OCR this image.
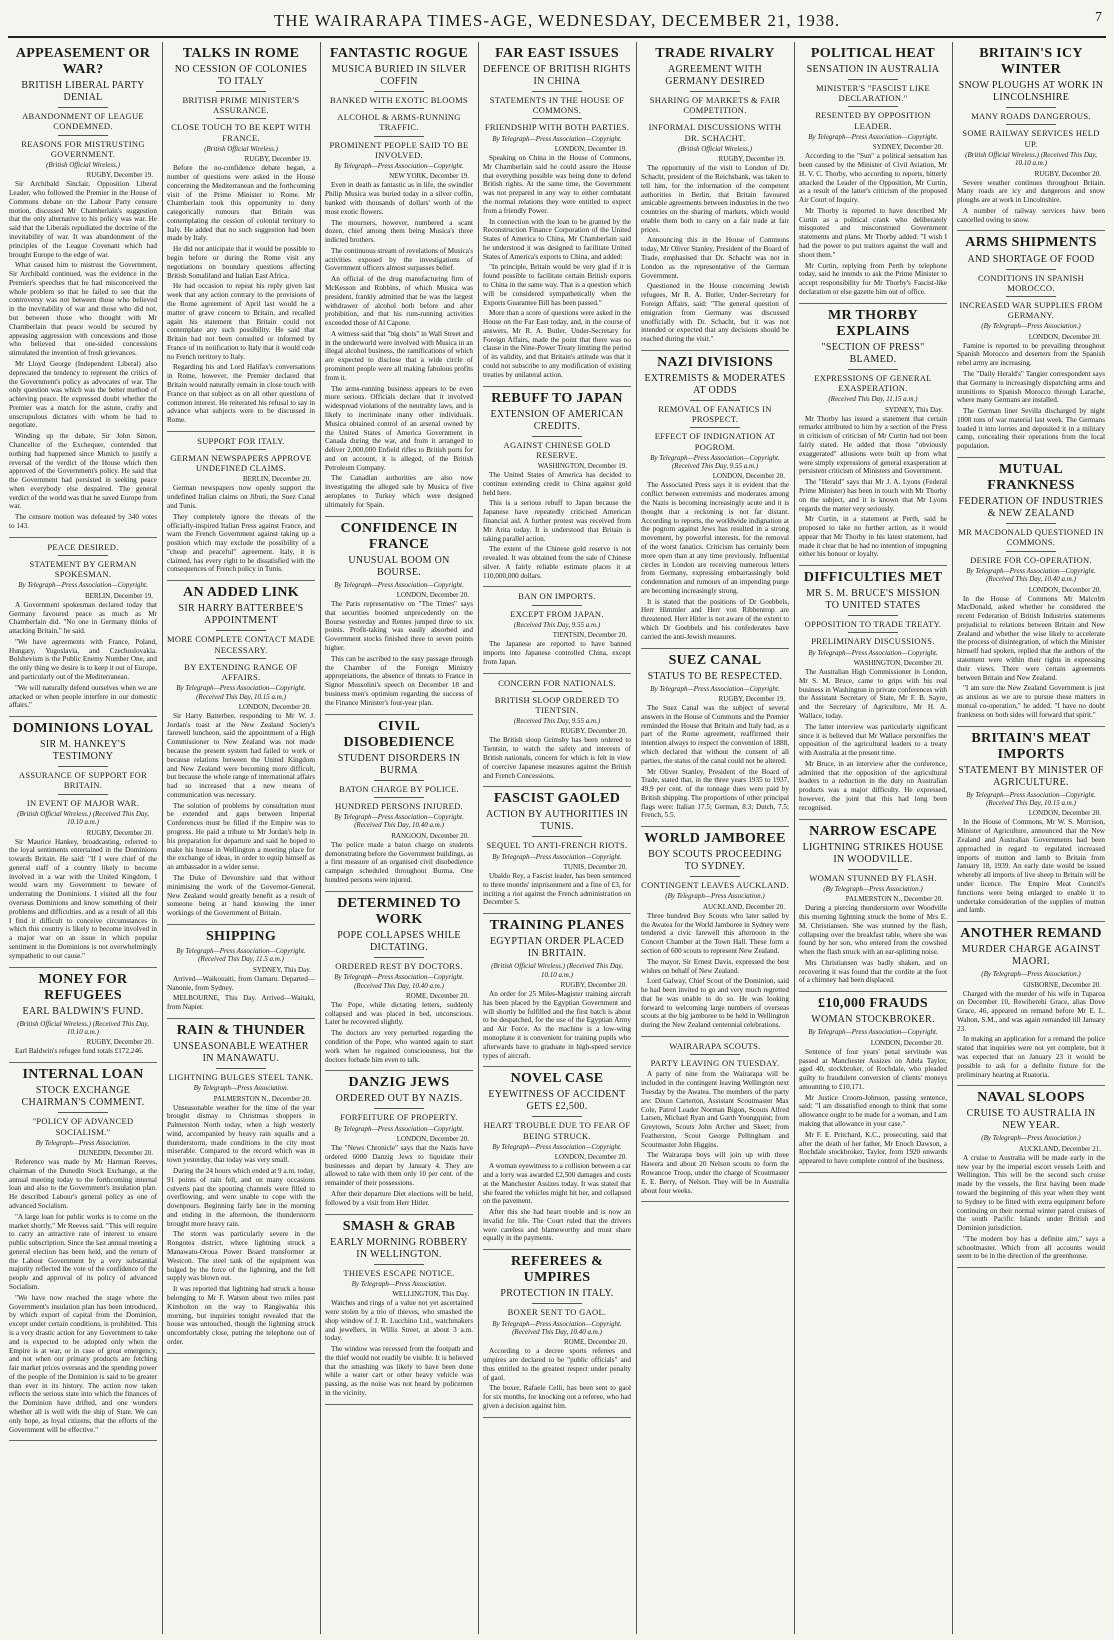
THE WAIRARAPA TIMES-AGE, WEDNESDAY, DECEMBER 21, 1938.	7
APPEASEMENT OR WAR?
BRITISH LIBERAL PARTY DENIAL
ABANDONMENT OF LEAGUE CONDEMNED.
REASONS FOR MISTRUSTING GOVERNMENT.
(British Official Wireless.)
RUGBY, December 19.

Sir Archibald Sinclair, Opposition Liberal Leader, who followed the Premier in the House of Commons debate on the Labour Party censure motion, discussed Mr Chamberlain's suggestion that the only alternative to his policy was war. He said that the Liberals repudiated the doctrine of the inevitability of war. It was abandonment of the principles of the League Covenant which had brought Europe to the edge of war.

What caused him to mistrust the Government, Sir Archibald continued, was the evidence in the Premier's speeches that he had misconceived the whole problem so that he failed to see that the controversy was not between those who believed in the inevitability of war and those who did not, but between those who thought with Mr Chamberlain that peace would be secured by appeasing aggression with concessions and those who believed that one-sided concessions stimulated the invention of fresh grievances.

Mr Lloyd George (Independent Liberal) also deprecated the tendency to represent the critics of the Government's policy as advocates of war. The only question was which was the better method of achieving peace. He expressed doubt whether the Premier was a match for the astute, crafty and unscrupulous dictators with whom he had to negotiate.

Winding up the debate, Sir John Simon, Chancellor of the Exchequer, contended that nothing had happened since Munich to justify a reversal of the verdict of the House which then approved of the Government's policy. He said that the Government had persisted in seeking peace when everybody else despaired. The general verdict of the world was that he saved Europe from war.

The censure motion was defeated by 340 votes to 143.

PEACE DESIRED.
STATEMENT BY GERMAN SPOKESMAN.
By Telegraph—Press Association—Copyright.
BERLIN, December 19.

A Government spokesman declared today that Germany favoured peace as much as Mr Chamberlain did. "No one in Germany thinks of attacking Britain," he said.

"We have agreements with France, Poland, Hungary, Yugoslavia, and Czechoslovakia. Bolshevism is the Public Enemy Number One, and the only thing we desire is to keep it out of Europe, and particularly out of the Mediterranean.

"We will naturally defend ourselves when we are attacked or when people interfere in our domestic affairs."

DOMINIONS LOYAL
SIR M. HANKEY'S TESTIMONY
ASSURANCE OF SUPPORT FOR BRITAIN.
IN EVENT OF MAJOR WAR.
(British Official Wireless.) (Received This Day, 10.10 a.m.)
RUGBY, December 20.

Sir Maurice Hankey, broadcasting, referred to the loyal sentiments entertained in the Dominions towards Britain. He said: "If I were chief of the general staff of a country likely to become involved in a war with the United Kingdom, I would warn my Government to beware of underrating the Dominions. I visited all the four overseas Dominions and know something of their problems and difficulties, and as a result of all this I find it difficult to conceive circumstances in which this country is likely to become involved in a major war on an issue in which popular sentiment in the Dominions is not overwhelmingly sympathetic to our cause."

MONEY FOR REFUGEES
EARL BALDWIN'S FUND.
(British Official Wireless.) (Received This Day, 10.10 a.m.)
RUGBY, December 20.

Earl Baldwin's refugee fund totals £172,246.

INTERNAL LOAN
STOCK EXCHANGE CHAIRMAN'S COMMENT.
"POLICY OF ADVANCED SOCIALISM."
By Telegraph—Press Association.
DUNEDIN, December 20.

Reference was made by Mr Harman Reeves, chairman of the Dunedin Stock Exchange, at the annual meeting today to the forthcoming internal loan and also to the Government's insulation plan. He described Labour's general policy as one of advanced Socialism.

"A large loan for public works is to come on the market shortly," Mr Reeves said. "This will require to carry an attractive rate of interest to ensure public subscription. Since the last annual meeting a general election has been held, and the return of the Labour Government by a very substantial majority reflected the vote of the confidence of the people and approval of its policy of advanced Socialism.

"We have now reached the stage where the Government's insulation plan has been introduced, by which export of capital from the Dominion, except under certain conditions, is prohibited. This is a very drastic action for any Government to take and is expected to be adopted only when the Empire is at war, or in case of great emergency, and not when our primary products are fetching fair market prices overseas and the spending power of the people of the Dominion is said to be greater than ever in its history. The action now taken reflects the serious state into which the finances of the Dominion have drifted, and one wonders whether all is well with the ship of State. We can only hope, as loyal citizens, that the efforts of the Government will be effective."

TALKS IN ROME
NO CESSION OF COLONIES TO ITALY
BRITISH PRIME MINISTER'S ASSURANCE.
CLOSE TOUCH TO BE KEPT WITH FRANCE.
(British Official Wireless.)
RUGBY, December 19.

Before the no-confidence debate began, a number of questions were asked in the House concerning the Mediterranean and the forthcoming visit of the Prime Minister to Rome. Mr Chamberlain took this opportunity to deny categorically rumours that Britain was contemplating the cession of colonial territory to Italy. He added that no such suggestion had been made by Italy.

He did not anticipate that it would be possible to begin before or during the Rome visit any negotiations on boundary questions affecting British Somaliland and Italian East Africa.

He had occasion to repeat his reply given last week that any action contrary to the provisions of the Rome agreement of April last would be a matter of grave concern to Britain, and recalled again his statement that Britain could not contemplate any such possibility. He said that Britain had not been consulted or informed by France of its notification to Italy that it would cede no French territory to Italy.

Regarding his and Lord Halifax's conversations in Rome, however, the Premier declared that Britain would naturally remain in close touch with France on that subject as on all other questions of common interest. He reiterated his refusal to say in advance what subjects were to be discussed in Rome.

SUPPORT FOR ITALY.
GERMAN NEWSPAPERS APPROVE UNDEFINED CLAIMS.
BERLIN, December 20.

German newspapers now openly support the undefined Italian claims on Jibuti, the Suez Canal and Tunis.

They completely ignore the threats of the officially-inspired Italian Press against France, and warn the French Government against taking up a position which may exclude the possibility of a "cheap and peaceful" agreement. Italy, it is claimed, has every right to be dissatisfied with the consequences of French policy in Tunis.

AN ADDED LINK
SIR HARRY BATTERBEE'S APPOINTMENT
MORE COMPLETE CONTACT MADE NECESSARY.
BY EXTENDING RANGE OF AFFAIRS.
By Telegraph—Press Association—Copyright. (Received This Day, 10.15 a.m.)
LONDON, December 20.

Sir Harry Batterbee, responding to Mr W. J. Jordan's toast at the New Zealand Society's farewell luncheon, said the appointment of a High Commissioner to New Zealand was not made because the present system had failed to work or because relations between the United Kingdom and New Zealand were becoming more difficult, but because the whole range of international affairs had so increased that a new means of communication was necessary.

The solution of problems by consultation must be extended and gaps between Imperial Conferences must be filled if the Empire was to progress. He paid a tribute to Mr Jordan's help in his preparation for departure and said he hoped to make his house in Wellington a meeting place for the exchange of ideas, in order to equip himself as an ambassador in a wider sense.

The Duke of Devonshire said that without minimising the work of the Governor-General, New Zealand would greatly benefit as a result of someone being at hand knowing the inner workings of the Government of Britain.

SHIPPING
By Telegraph—Press Association—Copyright. (Received This Day, 11.5 a.m.)
SYDNEY, This Day.

Arrived—Waikouaiti, from Oamaru. Departed—Nanonie, from Sydney.

MELBOURNE, This Day. Arrived—Waitaki, from Napier.

RAIN & THUNDER
UNSEASONABLE WEATHER IN MANAWATU.
LIGHTNING BULGES STEEL TANK.
By Telegraph—Press Association.
PALMERSTON N., December 20.

Unseasonable weather for the time of the year brought dismay to Christmas shoppers in Palmerston North today, when a high westerly wind, accompanied by heavy rain squalls and a thunderstorm, made conditions in the city most miserable. Compared to the record which was in town yesterday, that today was very small.

During the 24 hours which ended at 9 a.m. today, 91 points of rain fell, and on many occasions culverts past the spouting channels were filled to overflowing, and were unable to cope with the downpours. Beginning fairly late in the morning and ending in the afternoon, the thunderstorm brought more heavy rain.

The storm was particularly severe in the Rongotea district, where lightning struck a Manawatu-Oroua Power Board transformer at Westcott. The steel tank of the equipment was bulged by the force of the lightning, and the fell supply was blown out.

It was reported that lightning had struck a house belonging to Mr F. Watson about two miles past Kimbolton on the way to Rangiwahia this morning, but inquiries tonight revealed that the house was untouched, though the lightning struck uncomfortably close, putting the telephone out of order.

FANTASTIC ROGUE
MUSICA BURIED IN SILVER COFFIN
BANKED WITH EXOTIC BLOOMS
ALCOHOL & ARMS-RUNNING TRAFFIC.
PROMINENT PEOPLE SAID TO BE INVOLVED.
By Telegraph—Press Association—Copyright.
NEW YORK, December 19.

Even in death as fantastic as in life, the swindler Philip Musica was buried today in a silver coffin, banked with thousands of dollars' worth of the most exotic flowers.

The mourners, however, numbered a scant dozen, chief among them being Musica's three indicted brothers.

The continuous stream of revelations of Musica's activities exposed by the investigations of Government officers almost surpasses belief.

An official of the drug manufacturing firm of McKesson and Robbins, of which Musica was president, frankly admitted that he was the largest withdrawer of alcohol both before and after prohibition, and that his rum-running activities exceeded those of Al Capone.

A witness said that "big shots" in Wall Street and in the underworld were involved with Musica in an illegal alcohol business, the ramifications of which are expected to disclose that a wide circle of prominent people were all making fabulous profits from it.

The arms-running business appears to be even more serious. Officials declare that it involved widespread violations of the neutrality laws, and is likely to incriminate many other individuals. Musica obtained control of an arsenal owned by the United States of America Government in Canada during the war, and from it arranged to deliver 2,000,000 Enfield rifles to British ports for and on account, it is alleged, of the British Petroleum Company.

The Canadian authorities are also now investigating the alleged sale by Musica of five aeroplanes to Turkey which were designed ultimately for Spain.

CONFIDENCE IN FRANCE
UNUSUAL BOOM ON BOURSE.
By Telegraph—Press Association—Copyright.
LONDON, December 20.

The Paris representative on "The Times" says that securities boomed unprecedently on the Bourse yesterday and Rentes jumped three to six points. Profit-taking was easily absorbed and Government stocks finished three to seven points higher.

This can be ascribed to the easy passage through the Chamber of the Foreign Ministry appropriations, the absence of threats to France in Signor Mussolini's speech on December 18 and business men's optimism regarding the success of the Finance Minister's four-year plan.

CIVIL DISOBEDIENCE
STUDENT DISORDERS IN BURMA
BATON CHARGE BY POLICE.
HUNDRED PERSONS INJURED.
By Telegraph—Press Association—Copyright. (Received This Day, 10.40 a.m.)
RANGOON, December 20.

The police made a baton charge on students demonstrating before the Government buildings, as a first measure of an organised civil disobedience campaign scheduled throughout Burma. One hundred persons were injured.

DETERMINED TO WORK
POPE COLLAPSES WHILE DICTATING.
ORDERED REST BY DOCTORS.
By Telegraph—Press Association—Copyright. (Received This Day, 10.40 a.m.)
ROME, December 20.

The Pope, while dictating letters, suddenly collapsed and was placed in bed, unconscious. Later he recovered slightly.

The doctors are very perturbed regarding the condition of the Pope, who wanted again to start work when he regained consciousness, but the doctors forbade him even to talk.

DANZIG JEWS
ORDERED OUT BY NAZIS.
FORFEITURE OF PROPERTY.
By Telegraph—Press Association—Copyright.
LONDON, December 20.

The "News Chronicle" says that the Nazis have ordered 6000 Danzig Jews to liquidate their businesses and depart by January 4. They are allowed to take with them only 10 per cent. of the remainder of their possessions.

After their departure Diet elections will be held, followed by a visit from Herr Hitler.

SMASH & GRAB
EARLY MORNING ROBBERY IN WELLINGTON.
THIEVES ESCAPE NOTICE.
By Telegraph—Press Association.
WELLINGTON, This Day.

Watches and rings of a value not yet ascertained were stolen by a trio of thieves, who smashed the shop window of J. R. Lucchino Ltd., watchmakers and jewellers, in Willis Street, at about 3 a.m. today.

The window was recessed from the footpath and the thief would not readily be visible. It is believed that the smashing was likely to have been done while a water cart or other heavy vehicle was passing, as the noise was not heard by policemen in the vicinity.

FAR EAST ISSUES
DEFENCE OF BRITISH RIGHTS IN CHINA
STATEMENTS IN THE HOUSE OF COMMONS.
FRIENDSHIP WITH BOTH PARTIES.
By Telegraph—Press Association—Copyright.
LONDON, December 19.

Speaking on China in the House of Commons, Mr Chamberlain said he could assure the House that everything possible was being done to defend British rights. At the same time, the Government was not prepared in any way to either combatant the normal relations they were entitled to expect from a friendly Power.

In connection with the loan to be granted by the Reconstruction Finance Corporation of the United States of America to China, Mr Chamberlain said he understood it was designed to facilitate United States of America's exports to China, and added:

"In principle, Britain would be very glad if it is found possible to facilitate certain British exports to China in the same way. That is a question which will be considered sympathetically when the Exports Guarantee Bill has been passed."

More than a score of questions were asked in the House on the Far East today, and, in the course of answers, Mr R. A. Butler, Under-Secretary for Foreign Affairs, made the point that there was no clause in the Nine-Power Treaty limiting the period of its validity, and that Britain's attitude was that it could not subscribe to any modification of existing treaties by unilateral action.

REBUFF TO JAPAN
EXTENSION OF AMERICAN CREDITS.
AGAINST CHINESE GOLD RESERVE.
WASHINGTON, December 19.

The United States of America has decided to continue extending credit to China against gold held here.

This is a serious rebuff to Japan because the Japanese have repeatedly criticised American financial aid. A further protest was received from Mr Arita today. It is understood that Britain is taking parallel action.

The extent of the Chinese gold reserve is not revealed. It was obtained from the sale of Chinese silver. A fairly reliable estimate places it at 110,000,000 dollars.

BAN ON IMPORTS.
EXCEPT FROM JAPAN.
(Received This Day, 9.55 a.m.)
TIENTSIN, December 20.

The Japanese are reported to have banned imports into Japanese controlled China, except from Japan.

CONCERN FOR NATIONALS.
BRITISH SLOOP ORDERED TO TIENTSIN.
(Received This Day, 9.55 a.m.)
RUGBY, December 20.

The British sloop Grimsby has been ordered to Tientsin, to watch the safety and interests of British nationals, concern for which is felt in view of coercive Japanese measures against the British and French Concessions.

FASCIST GAOLED
ACTION BY AUTHORITIES IN TUNIS.
SEQUEL TO ANTI-FRENCH RIOTS.
By Telegraph—Press Association—Copyright.
TUNIS, December 20.

Ubaldo Rey, a Fascist leader, has been sentenced to three months' imprisonment and a fine of £3, for inciting a riot against the French administration on December 5.

TRAINING PLANES
EGYPTIAN ORDER PLACED IN BRITAIN.
(British Official Wireless.) (Received This Day, 10.10 a.m.)
RUGBY, December 20.

An order for 25 Miles-Magister training aircraft has been placed by the Egyptian Government and will shortly be fulfilled and the first batch is about to be despatched, for the use of the Egyptian Army and Air Force. As the machine is a low-wing monoplane it is convenient for training pupils who afterwards have to graduate in high-speed service types of aircraft.

NOVEL CASE
EYEWITNESS OF ACCIDENT GETS £2,500.
HEART TROUBLE DUE TO FEAR OF BEING STRUCK.
By Telegraph—Press Association—Copyright.
LONDON, December 20.

A woman eyewitness to a collision between a car and a lorry was awarded £2,500 damages and costs at the Manchester Assizes today. It was stated that she feared the vehicles might hit her, and collapsed on the pavement.

After this she had heart trouble and is now an invalid for life. The Court ruled that the drivers were careless and blameworthy and must share equally in the payments.

REFEREES & UMPIRES
PROTECTION IN ITALY.
BOXER SENT TO GAOL.
By Telegraph—Press Association—Copyright. (Received This Day, 10.40 a.m.)
ROME, December 20.

According to a decree sports referees and umpires are declared to be "public officials" and thus entitled to the greatest respect under penalty of gaol.

The boxer, Rafaele Celli, has been sent to gaol for six months, for knocking out a referee, who had given a decision against him.

TRADE RIVALRY
AGREEMENT WITH GERMANY DESIRED
SHARING OF MARKETS & FAIR COMPETITION.
INFORMAL DISCUSSIONS WITH DR. SCHACHT.
(British Official Wireless.)
RUGBY, December 19.

The opportunity of the visit to London of Dr. Schacht, president of the Reichsbank, was taken to tell him, for the information of the competent authorities in Berlin, that Britain favoured amicable agreements between industries in the two countries on the sharing of markets, which would enable them both to carry on a fair trade at fair prices.

Announcing this in the House of Commons today, Mr Oliver Stanley, President of the Board of Trade, emphasised that Dr. Schacht was not in London as the representative of the German Government.

Questioned in the House concerning Jewish refugees, Mr R. A. Butler, Under-Secretary for Foreign Affairs, said: "The general question of emigration from Germany was discussed unofficially with Dr. Schacht, but it was not intended or expected that any decisions should be reached during the visit."

NAZI DIVISIONS
EXTREMISTS & MODERATES AT ODDS
REMOVAL OF FANATICS IN PROSPECT.
EFFECT OF INDIGNATION AT POGROM.
By Telegraph—Press Association—Copyright. (Received This Day, 9.55 a.m.)
LONDON, December 20.

The Associated Press says it is evident that the conflict between extremists and moderates among the Nazis is becoming increasingly acute and it is thought that a reckoning is not far distant. According to reports, the worldwide indignation at the pogrom against Jews has resulted in a strong movement, by powerful interests, for the removal of the worst fanatics. Criticism has certainly been more open than at any time previously. Influential circles in London are receiving numerous letters from Germany, expressing embarrassingly bold condemnation and rumours of an impending purge are becoming increasingly strong.

It is stated that the positions of Dr Goebbels, Herr Himmler and Herr von Ribbentrop are threatened. Herr Hitler is not aware of the extent to which Dr Goebbels and his confederates have carried the anti-Jewish measures.

SUEZ CANAL
STATUS TO BE RESPECTED.
By Telegraph—Press Association—Copyright.
RUGBY, December 19.

The Suez Canal was the subject of several answers in the House of Commons and the Premier reminded the House that Britain and Italy had, as a part of the Rome agreement, reaffirmed their intention always to respect the convention of 1888, which declared that without the consent of all parties, the status of the canal could not be altered.

Mr Oliver Stanley, President of the Board of Trade, stated that, in the three years 1935 to 1937, 49.9 per cent. of the tonnage dues were paid by British shipping. The proportions of other principal flags were: Italian 17.5; German, 8.3; Dutch, 7.5; French, 5.5.

WORLD JAMBOREE
BOY SCOUTS PROCEEDING TO SYDNEY.
CONTINGENT LEAVES AUCKLAND.
(By Telegraph—Press Association.)
AUCKLAND, December 20.

Three hundred Boy Scouts who later sailed by the Awatea for the World Jamboree in Sydney were tendered a civic farewell this afternoon in the Concert Chamber at the Town Hall. These form a section of 600 scouts to represent New Zealand.

The mayor, Sir Ernest Davis, expressed the best wishes on behalf of New Zealand.

Lord Galway, Chief Scout of the Dominion, said he had been invited to go and very much regretted that he was unable to do so. He was looking forward to welcoming large numbers of overseas scouts at the big jamboree to be held in Wellington during the New Zealand centennial celebrations.

WAIRARAPA SCOUTS.
PARTY LEAVING ON TUESDAY.

A party of nine from the Wairarapa will be included in the contingent leaving Wellington next Tuesday by the Awatea. The members of the party are: Dixon Carterton, Assistant Scoutmaster Max Cole, Patrol Leader Norman Bigon, Scouts Alfred Larsen, Michael Ryan and Garth Youngquist; from Greytown, Scouts John Archer and Skeet; from Featherston, Scout George Pellingham and Scoutmaster John Higgins.

The Wairarapa boys will join up with three Hawera and about 20 Nelson scouts to form the Rowancoe Troop, under the charge of Scoutmaster E. E. Berry, of Nelson. They will be in Australia about four weeks.

POLITICAL HEAT
SENSATION IN AUSTRALIA
MINISTER'S "FASCIST LIKE DECLARATION."
RESENTED BY OPPOSITION LEADER.
By Telegraph—Press Association—Copyright.
SYDNEY, December 20.

According to the "Sun" a political sensation has been caused by the Minister of Civil Aviation, Mr H. V. C. Thorby, who according to reports, bitterly attacked the Leader of the Opposition, Mr Curtin, as a result of the latter's criticism of the proposed Air Court of Inquiry.

Mr Thorby is reported to have described Mr Curtin as a political crank who deliberately misquoted and misconstrued Government statements and plans. Mr Thorby added: "I wish I had the power to put traitors against the wall and shoot them."

Mr Curtin, replying from Perth by telephone today, said he intends to ask the Prime Minister to accept responsibility for Mr Thorby's Fascist-like declaration or else gazette him out of office.

MR THORBY EXPLAINS
"SECTION OF PRESS" BLAMED.
EXPRESSIONS OF GENERAL EXASPERATION.
(Received This Day, 11.15 a.m.)
SYDNEY, This Day.

Mr Thorby has issued a statement that certain remarks attributed to him by a section of the Press in criticism of criticism of Mr Curtin had not been fairly stated. He added that those "obviously exaggerated" allusions were built up from what were simply expressions of general exasperation at persistent criticism of Ministers and Government.

The "Herald" says that Mr J. A. Lyons (Federal Prime Minister) has been in touch with Mr Thorby on the subject, and it is known that Mr Lyons regards the matter very seriously.

Mr Curtin, in a statement at Perth, said he proposed to take no further action, as it would appear that Mr Thorby in his latest statement, had made it clear that he had no intention of impugning either his honour or loyalty.

DIFFICULTIES MET
MR S. M. BRUCE'S MISSION TO UNITED STATES
OPPOSITION TO TRADE TREATY.
PRELIMINARY DISCUSSIONS.
By Telegraph—Press Association—Copyright.
WASHINGTON, December 20.

The Australian High Commissioner in London, Mr S. M. Bruce, came to grips with his real business in Washington in private conferences with the Assistant Secretary of State, Mr F. B. Sayre, and the Secretary of Agriculture, Mr H. A. Wallace, today.

The latter interview was particularly significant since it is believed that Mr Wallace personifies the opposition of the agricultural leaders to a treaty with Australia at the present time.

Mr Bruce, in an interview after the conference, admitted that the opposition of the agricultural leaders to a reduction in the duty on Australian products was a major difficulty. He expressed, however, the joint that this had long been recognised.

NARROW ESCAPE
LIGHTNING STRIKES HOUSE IN WOODVILLE.
WOMAN STUNNED BY FLASH.
(By Telegraph—Press Association.)
PALMERSTON N., December 20.

During a piercing thunderstorm over Woodville this morning lightning struck the home of Mrs E. M. Christiansen. She was stunned by the flash, collapsing over the breakfast table, where she was found by her son, who entered from the cowshed when the flash struck with an ear-splitting noise.

Mrs Christiansen was badly shaken, and on recovering it was found that the cordite at the foot of a chimney had been displaced.

£10,000 FRAUDS
WOMAN STOCKBROKER.
By Telegraph—Press Association—Copyright.
LONDON, December 20.

Sentence of four years' penal servitude was passed at Manchester Assizes on Adela Taylor, aged 40, stockbroker, of Rochdale, who pleaded guilty to fraudulent conversion of clients' moneys amounting to £10,171.

Mr Justice Croom-Johnson, passing sentence, said: "I am dissatisfied enough to think that some allowance ought to be made for a woman, and I am making that allowance in your case."

Mr F. E. Pritchard, K.C., prosecuting, said that after the death of her father, Mr Enoch Dawson, a Rochdale stockbroker, Taylor, from 1920 onwards appeared to have complete control of the business.

BRITAIN'S ICY WINTER
SNOW PLOUGHS AT WORK IN LINCOLNSHIRE
MANY ROADS DANGEROUS.
SOME RAILWAY SERVICES HELD UP.
(British Official Wireless.) (Received This Day, 10.10 a.m.)
RUGBY, December 20.

Severe weather continues throughout Britain. Many roads are icy and dangerous and snow ploughs are at work in Lincolnshire.

A number of railway services have been cancelled owing to snow.

ARMS SHIPMENTS
AND SHORTAGE OF FOOD
CONDITIONS IN SPANISH MOROCCO.
INCREASED WAR SUPPLIES FROM GERMANY.
(By Telegraph—Press Association.)
LONDON, December 20.

Famine is reported to be prevailing throughout Spanish Morocco and deserters from the Spanish rebel army are increasing.

The "Daily Herald's" Tangier correspondent says that Germany is increasingly dispatching arms and munitions to Spanish Morocco through Larache, where many Germans are installed.

The German liner Sevilla discharged by night 1000 tons of war material last week. The Germans loaded it into lorries and deposited it in a military camp, concealing their operations from the local population.

MUTUAL FRANKNESS
FEDERATION OF INDUSTRIES & NEW ZEALAND
MR MACDONALD QUESTIONED IN COMMONS.
DESIRE FOR CO-OPERATION.
By Telegraph—Press Association—Copyright. (Received This Day, 10.40 a.m.)
LONDON, December 20.

In the House of Commons Mr Malcolm MacDonald, asked whether he considered the recent Federation of British Industries statements prejudicial to relations between Britain and New Zealand and whether the wise likely to accelerate the process of disintegration, of which the Minister himself had spoken, replied that the authors of the statement were within their rights in expressing their views. There were certain agreements between Britain and New Zealand.

"I am sure the New Zealand Government is just as anxious as we are to pursue these matters in mutual co-operation," he added. "I have no doubt frankness on both sides will forward that spirit."

BRITAIN'S MEAT IMPORTS
STATEMENT BY MINISTER OF AGRICULTURE.
By Telegraph—Press Association—Copyright. (Received This Day, 10.15 a.m.)
LONDON, December 20.

In the House of Commons, Mr W. S. Morrison, Minister of Agriculture, announced that the New Zealand and Australian Governments had been approached in regard to regulated increased imports of mutton and lamb to Britain from January 18, 1939. An early date would be issued whereby all imports of live sheep to Britain will be under licence. The Empire Meat Council's functions were being enlarged to enable it to undertake consideration of the supplies of mutton and lamb.

ANOTHER REMAND
MURDER CHARGE AGAINST MAORI.
(By Telegraph—Press Association.)
GISBORNE, December 20.

Charged with the murder of his wife in Tuparoa on December 10, Rewiherehi Grace, alias Dove Grace, 46, appeared on remand before Mr E. L. Walton, S.M., and was again remanded till January 23.

In making an application for a remand the police stated that inquiries were not yet complete, but it was expected that on January 23 it would be possible to ask for a definite fixture for the preliminary hearing at Ruatoria.

NAVAL SLOOPS
CRUISE TO AUSTRALIA IN NEW YEAR.
(By Telegraph—Press Association.)
AUCKLAND, December 21.

A cruise to Australia will be made early in the new year by the imperial escort vessels Leith and Wellington. This will be the second such cruise made by the vessels, the first having been made toward the beginning of this year when they went to Sydney to be fitted with extra equipment before continuing on their normal winter patrol cruises of the south Pacific Islands under British and Dominion jurisdiction.

"The modern boy has a definite aim," says a schoolmaster. Which from all accounts would seem to be in the direction of the greenhouse.
